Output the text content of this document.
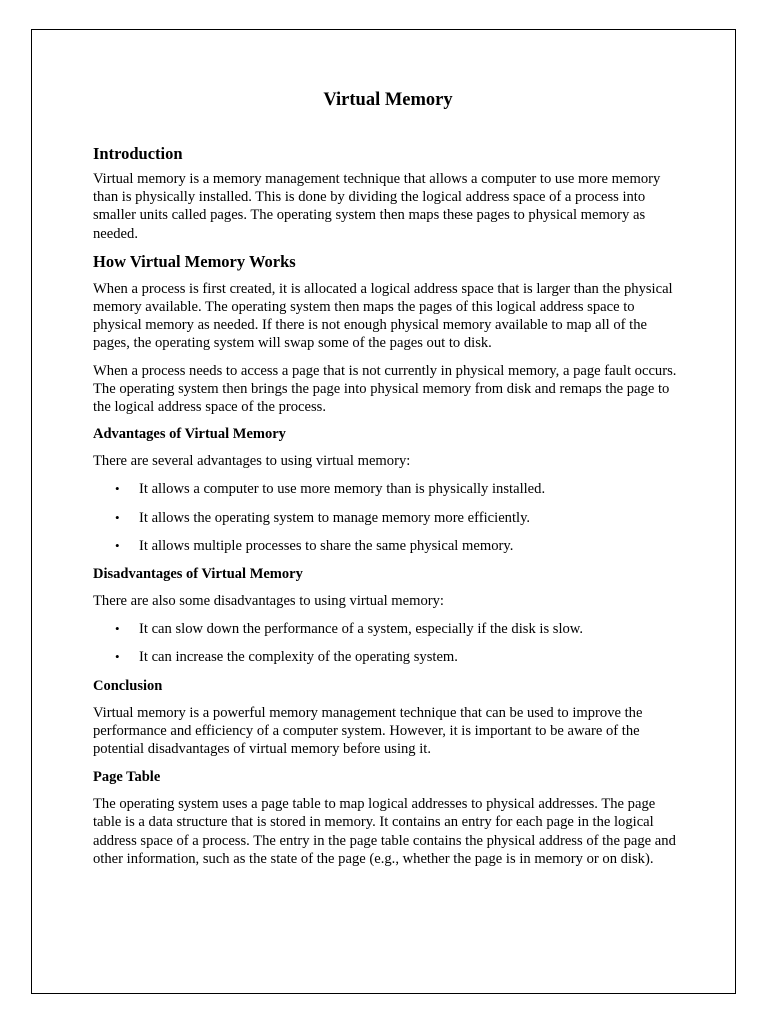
Virtual Memory
Introduction

Virtual memory is a memory management technique that allows a computer to use more memory than is physically installed. This is done by dividing the logical address space of a process into smaller units called pages. The operating system then maps these pages to physical memory as needed.

How Virtual Memory Works

When a process is first created, it is allocated a logical address space that is larger than the physical memory available. The operating system then maps the pages of this logical address space to physical memory as needed. If there is not enough physical memory available to map all of the pages, the operating system will swap some of the pages out to disk.

When a process needs to access a page that is not currently in physical memory, a page fault occurs. The operating system then brings the page into physical memory from disk and remaps the page to the logical address space of the process.

Advantages of Virtual Memory

There are several advantages to using virtual memory:

• It allows a computer to use more memory than is physically installed.
• It allows the operating system to manage memory more efficiently.
• It allows multiple processes to share the same physical memory.
Disadvantages of Virtual Memory

There are also some disadvantages to using virtual memory:

• It can slow down the performance of a system, especially if the disk is slow.
• It can increase the complexity of the operating system.
Conclusion

Virtual memory is a powerful memory management technique that can be used to improve the performance and efficiency of a computer system. However, it is important to be aware of the potential disadvantages of virtual memory before using it.

Page Table

The operating system uses a page table to map logical addresses to physical addresses. The page table is a data structure that is stored in memory. It contains an entry for each page in the logical address space of a process. The entry in the page table contains the physical address of the page and other information, such as the state of the page (e.g., whether the page is in memory or on disk).
